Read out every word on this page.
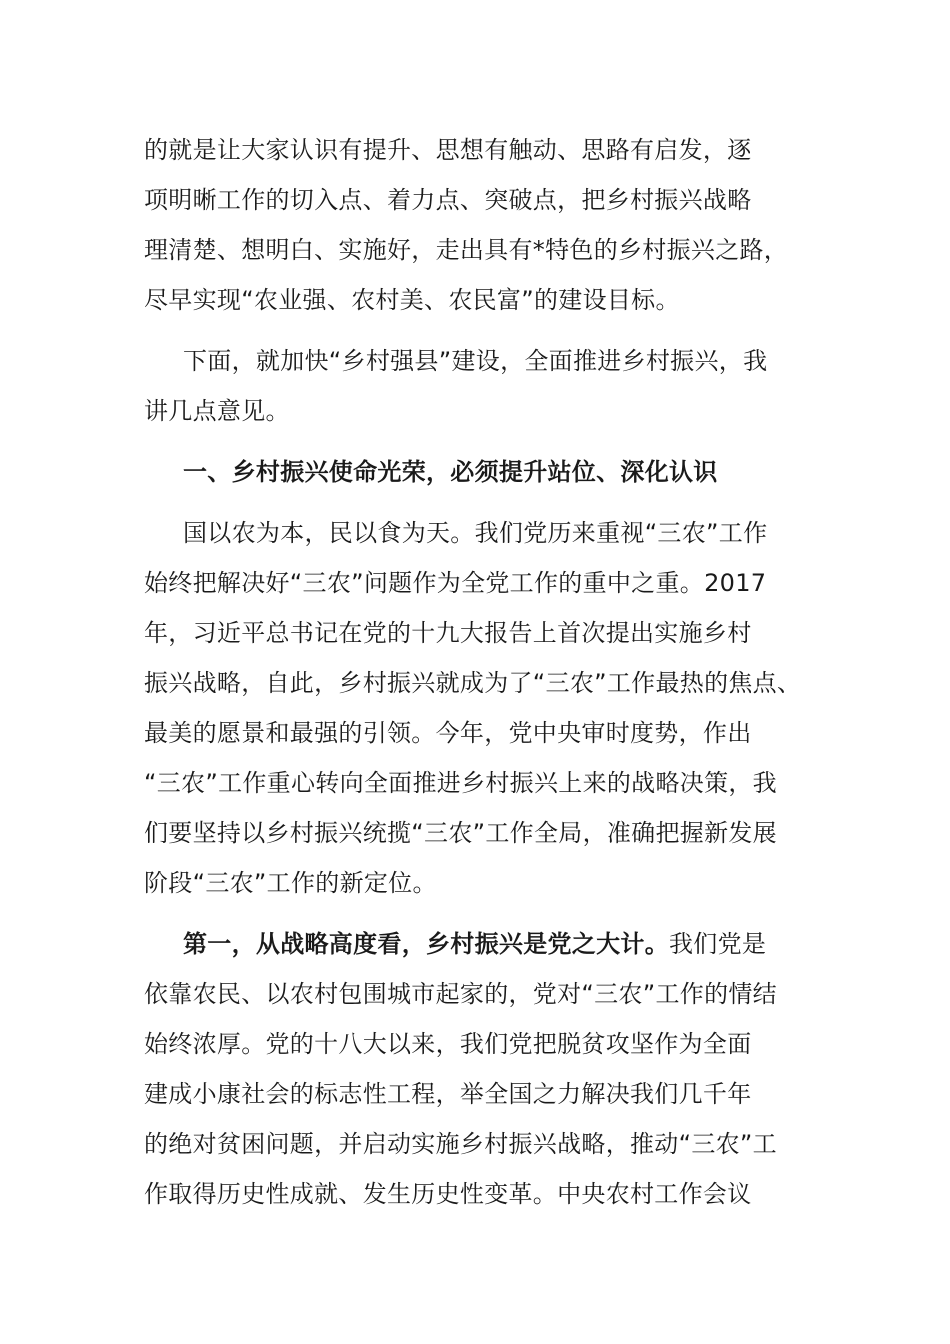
的就是让大家认识有提升、思想有触动、思路有启发，逐
项明晰工作的切入点、着力点、突破点，把乡村振兴战略
理清楚、想明白、实施好，走出具有*特色的乡村振兴之路，
尽早实现“农业强、农村美、农民富”的建设目标。
下面，就加快“乡村强县”建设，全面推进乡村振兴，我
讲几点意见。
一、乡村振兴使命光荣，必须提升站位、深化认识
国以农为本，民以食为天。我们党历来重视“三农”工作
始终把解决好“三农”问题作为全党工作的重中之重。2017
年，习近平总书记在党的十九大报告上首次提出实施乡村
振兴战略，自此，乡村振兴就成为了“三农”工作最热的焦点、
最美的愿景和最强的引领。今年，党中央审时度势，作出
“三农”工作重心转向全面推进乡村振兴上来的战略决策，我
们要坚持以乡村振兴统揽“三农”工作全局，准确把握新发展
阶段“三农”工作的新定位。
第一，从战略高度看，乡村振兴是党之大计。我们党是
依靠农民、以农村包围城市起家的，党对“三农”工作的情结
始终浓厚。党的十八大以来，我们党把脱贫攻坚作为全面
建成小康社会的标志性工程，举全国之力解决我们几千年
的绝对贫困问题，并启动实施乡村振兴战略，推动“三农”工
作取得历史性成就、发生历史性变革。中央农村工作会议
